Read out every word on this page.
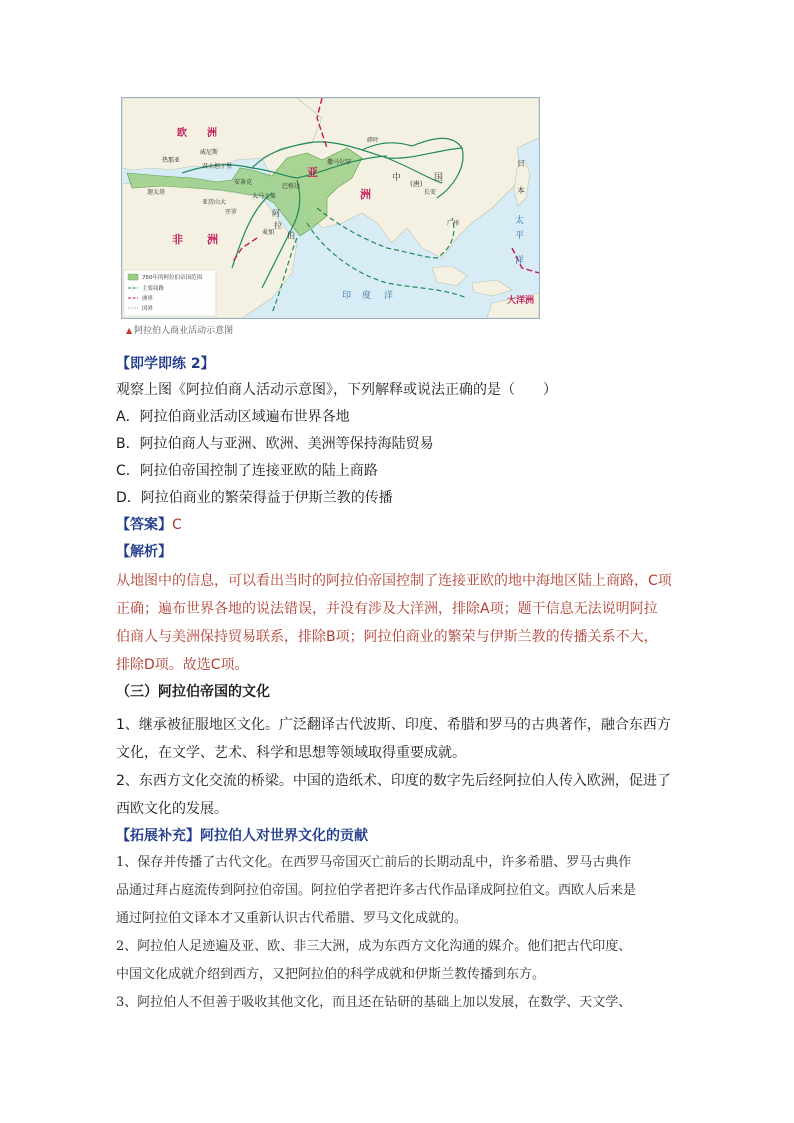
欧
洲
亚
洲
非 洲
太
平
洋
印 度 洋	大洋洲
阿
拉
伯
中	国
(唐)
日
本
威尼斯
热那亚
君士坦丁堡
迦太基
亚历山大
安条克
巴格达
大马士革
开罗
麦加
撒马尔罕
碎叶
长安
广州
750年的阿拉伯帝国范围
主要商路
洲界
国界
▲ 阿拉伯人商业活动示意图
【即学即练 2】
观察上图《阿拉伯商人活动示意图》，下列解释或说法正确的是（　　）
A．阿拉伯商业活动区域遍布世界各地
B．阿拉伯商人与亚洲、欧洲、美洲等保持海陆贸易
C．阿拉伯帝国控制了连接亚欧的陆上商路
D．阿拉伯商业的繁荣得益于伊斯兰教的传播
【答案】C
【解析】
从地图中的信息，可以看出当时的阿拉伯帝国控制了连接亚欧的地中海地区陆上商路，C项
正确；遍布世界各地的说法错误，并没有涉及大洋洲，排除A项；题干信息无法说明阿拉
伯商人与美洲保持贸易联系，排除B项；阿拉伯商业的繁荣与伊斯兰教的传播关系不大，
排除D项。故选C项。
（三）阿拉伯帝国的文化
1、继承被征服地区文化。广泛翻译古代波斯、印度、希腊和罗马的古典著作，融合东西方
文化，在文学、艺术、科学和思想等领域取得重要成就。
2、东西方文化交流的桥梁。中国的造纸术、印度的数字先后经阿拉伯人传入欧洲，促进了
西欧文化的发展。
【拓展补充】阿拉伯人对世界文化的贡献
1、保存并传播了古代文化。在西罗马帝国灭亡前后的长期动乱中，许多希腊、罗马古典作
品通过拜占庭流传到阿拉伯帝国。阿拉伯学者把许多古代作品译成阿拉伯文。西欧人后来是
通过阿拉伯文译本才又重新认识古代希腊、罗马文化成就的。
2、阿拉伯人足迹遍及亚、欧、非三大洲，成为东西方文化沟通的媒介。他们把古代印度、
中国文化成就介绍到西方，又把阿拉伯的科学成就和伊斯兰教传播到东方。
3、阿拉伯人不但善于吸收其他文化，而且还在钻研的基础上加以发展，在数学、天文学、
